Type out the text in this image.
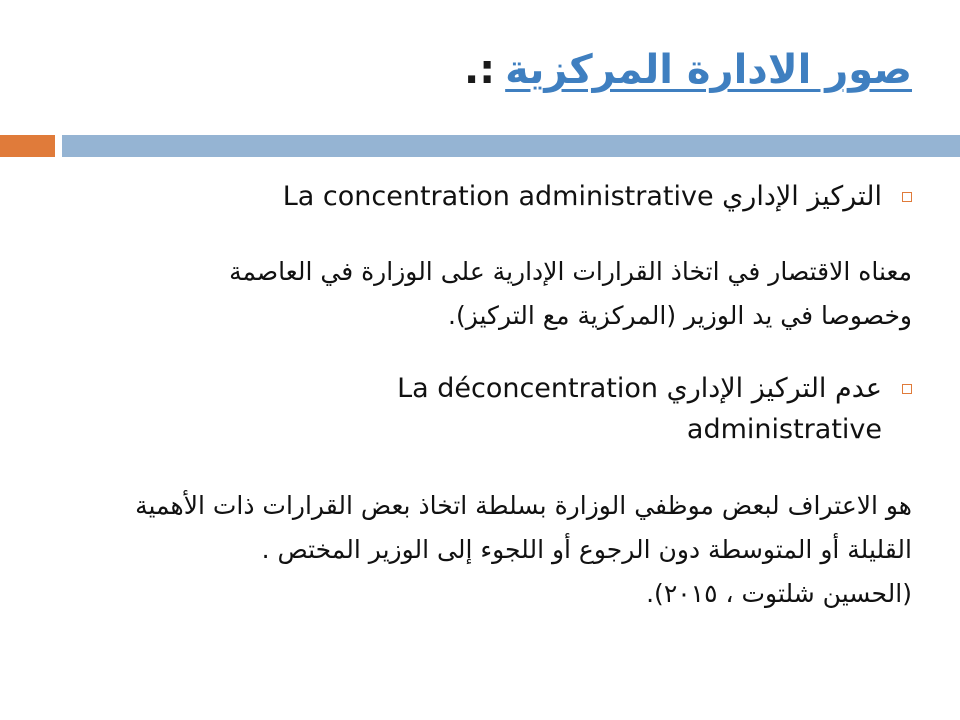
صور الادارة المركزية:.
التركيز الإداري La concentration administrative
معناه الاقتصار في اتخاذ القرارات الإدارية على الوزارة في العاصمة وخصوصا في يد الوزير (المركزية مع التركيز).
عدم التركيز الإداري La déconcentration administrative
هو الاعتراف لبعض موظفي الوزارة بسلطة اتخاذ بعض القرارات ذات الأهمية القليلة أو المتوسطة دون الرجوع أو اللجوء إلى الوزير المختص .(الحسين شلتوت ، ٢٠١٥).
